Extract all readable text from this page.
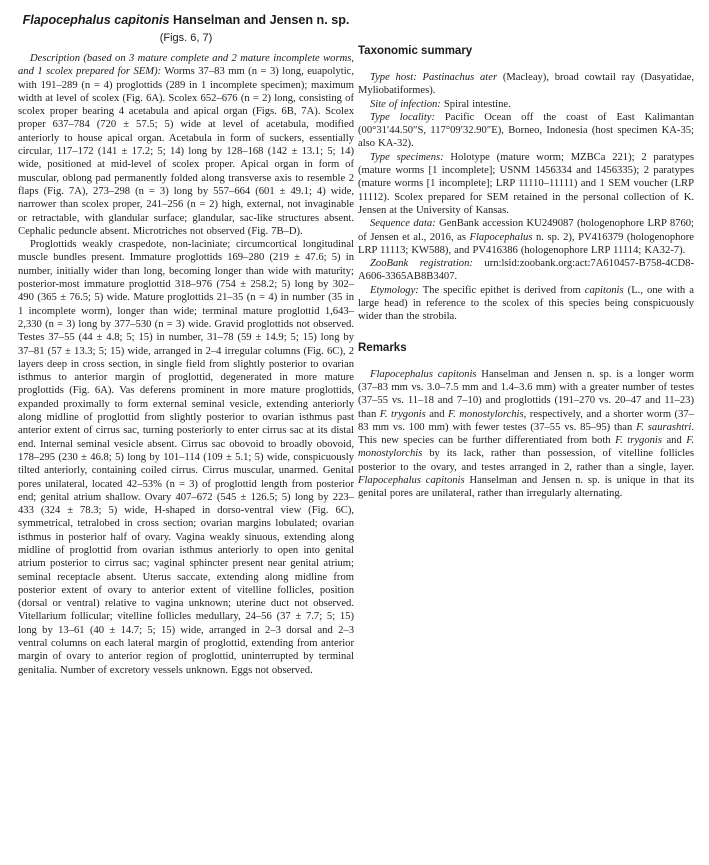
Flapocephalus capitonis Hanselman and Jensen n. sp.
(Figs. 6, 7)

Description (based on 3 mature complete and 2 mature incomplete worms, and 1 scolex prepared for SEM): Worms 37–83 mm (n = 3) long, euapolytic, with 191–289 (n = 4) proglottids (289 in 1 incomplete specimen); maximum width at level of scolex (Fig. 6A). Scolex 652–676 (n = 2) long, consisting of scolex proper bearing 4 acetabula and apical organ (Figs. 6B, 7A). Scolex proper 637–784 (720 ± 57.5; 5) wide at level of acetabula, modified anteriorly to house apical organ. Acetabula in form of suckers, essentially circular, 117–172 (141 ± 17.2; 5; 14) long by 128–168 (142 ± 13.1; 5; 14) wide, positioned at mid-level of scolex proper. Apical organ in form of muscular, oblong pad permanently folded along transverse axis to resemble 2 flaps (Fig. 7A), 273–298 (n = 3) long by 557–664 (601 ± 49.1; 4) wide, narrower than scolex proper, 241–256 (n = 2) high, external, not invaginable or retractable, with glandular surface; glandular, sac-like structures absent. Cephalic peduncle absent. Microtriches not observed (Fig. 7B–D).

Proglottids weakly craspedote, non-laciniate; circumcortical longitudinal muscle bundles present. Immature proglottids 169–280 (219 ± 47.6; 5) in number, initially wider than long, becoming longer than wide with maturity; posterior-most immature proglottid 318–976 (754 ± 258.2; 5) long by 302–490 (365 ± 76.5; 5) wide. Mature proglottids 21–35 (n = 4) in number (35 in 1 incomplete worm), longer than wide; terminal mature proglottid 1,643–2,330 (n = 3) long by 377–530 (n = 3) wide. Gravid proglottids not observed. Testes 37–55 (44 ± 4.8; 5; 15) in number, 31–78 (59 ± 14.9; 5; 15) long by 37–81 (57 ± 13.3; 5; 15) wide, arranged in 2–4 irregular columns (Fig. 6C), 2 layers deep in cross section, in single field from slightly posterior to ovarian isthmus to anterior margin of proglottid, degenerated in more mature proglottids (Fig. 6A). Vas deferens prominent in more mature proglottids, expanded proximally to form external seminal vesicle, extending anteriorly along midline of proglottid from slightly posterior to ovarian isthmus past anterior extent of cirrus sac, turning posteriorly to enter cirrus sac at its distal end. Internal seminal vesicle absent. Cirrus sac obovoid to broadly obovoid, 178–295 (230 ± 46.8; 5) long by 101–114 (109 ± 5.1; 5) wide, conspicuously tilted anteriorly, containing coiled cirrus. Cirrus muscular, unarmed. Genital pores unilateral, located 42–53% (n = 3) of proglottid length from posterior end; genital atrium shallow. Ovary 407–672 (545 ± 126.5; 5) long by 223–433 (324 ± 78.3; 5) wide, H-shaped in dorso-ventral view (Fig. 6C), symmetrical, tetralobed in cross section; ovarian margins lobulated; ovarian isthmus in posterior half of ovary. Vagina weakly sinuous, extending along midline of proglottid from ovarian isthmus anteriorly to open into genital atrium posterior to cirrus sac; vaginal sphincter present near genital atrium; seminal receptacle absent. Uterus saccate, extending along midline from posterior extent of ovary to anterior extent of vitelline follicles, position (dorsal or ventral) relative to vagina unknown; uterine duct not observed. Vitellarium follicular; vitelline follicles medullary, 24–56 (37 ± 7.7; 5; 15) long by 13–61 (40 ± 14.7; 5; 15) wide, arranged in 2–3 dorsal and 2–3 ventral columns on each lateral margin of proglottid, extending from anterior margin of ovary to anterior region of proglottid, uninterrupted by terminal genitalia. Number of excretory vessels unknown. Eggs not observed.

Taxonomic summary

Type host: Pastinachus ater (Macleay), broad cowtail ray (Dasyatidae, Myliobatiformes).

Site of infection: Spiral intestine.

Type locality: Pacific Ocean off the coast of East Kalimantan (00°31′44.50″S, 117°09′32.90″E), Borneo, Indonesia (host specimen KA-35; also KA-32).

Type specimens: Holotype (mature worm; MZBCa 221); 2 paratypes (mature worms [1 incomplete]; USNM 1456334 and 1456335); 2 paratypes (mature worms [1 incomplete]; LRP 11110–11111) and 1 SEM voucher (LRP 11112). Scolex prepared for SEM retained in the personal collection of K. Jensen at the University of Kansas.

Sequence data: GenBank accession KU249087 (hologenophore LRP 8760; of Jensen et al., 2016, as Flapocephalus n. sp. 2), PV416379 (hologenophore LRP 11113; KW588), and PV416386 (hologenophore LRP 11114; KA32-7).

ZooBank registration: urn:lsid:zoobank.org:act:7A610457-B758-4CD8-A606-3365AB8B3407.

Etymology: The specific epithet is derived from capitonis (L., one with a large head) in reference to the scolex of this species being conspicuously wider than the strobila.

Remarks

Flapocephalus capitonis Hanselman and Jensen n. sp. is a longer worm (37–83 mm vs. 3.0–7.5 mm and 1.4–3.6 mm) with a greater number of testes (37–55 vs. 11–18 and 7–10) and proglottids (191–270 vs. 20–47 and 11–23) than F. trygonis and F. monostylorchis, respectively, and a shorter worm (37–83 mm vs. 100 mm) with fewer testes (37–55 vs. 85–95) than F. saurashtri. This new species can be further differentiated from both F. trygonis and F. monostylorchis by its lack, rather than possession, of vitelline follicles posterior to the ovary, and testes arranged in 2, rather than a single, layer. Flapocephalus capitonis Hanselman and Jensen n. sp. is unique in that its genital pores are unilateral, rather than irregularly alternating.
